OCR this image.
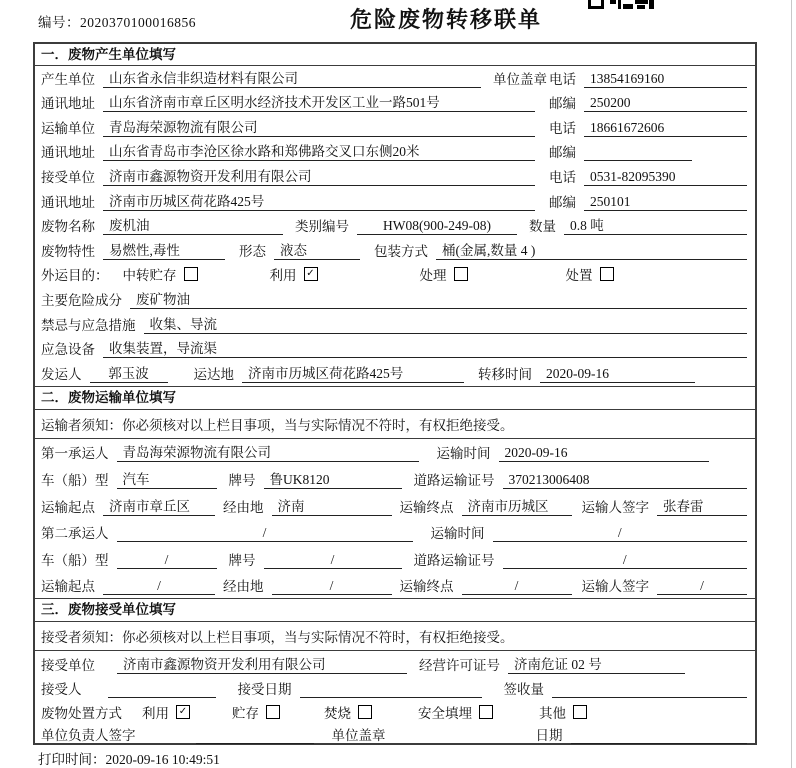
编号：2020370100016856	危险废物转移联单
一．废物产生单位填写
产生单位	山东省永信非织造材料有限公司	单位盖章 电话	13854169160
通讯地址	山东省济南市章丘区明水经济技术开发区工业一路501号	邮编	250200
运输单位	青岛海荣源物流有限公司	电话	18661672606
通讯地址	山东省青岛市李沧区徐水路和郑佛路交叉口东侧20米	邮编
接受单位	济南市鑫源物资开发利用有限公司	电话	0531-82095390
通讯地址	济南市历城区荷花路425号	邮编	250101
废物名称	废机油	类别编号	HW08(900-249-08)	数量	0.8 吨
废物特性	易燃性,毒性	形态	液态	包装方式	桶(金属,数量 4 )
外运目的： 中转贮存	利用 ✓	处理	处置
主要危险成分	废矿物油
禁忌与应急措施	收集、导流
应急设备	收集装置，导流渠
发运人	郭玉波	运达地	济南市历城区荷花路425号	转移时间	2020-09-16
二．废物运输单位填写
运输者须知：你必须核对以上栏目事项，当与实际情况不符时，有权拒绝接受。
第一承运人	青岛海荣源物流有限公司	运输时间	2020-09-16
车（船）型	汽车	牌号	鲁UK8120	道路运输证号	370213006408
运输起点	济南市章丘区	经由地	济南	运输终点	济南市历城区	运输人签字	张春雷
第二承运人	/	运输时间	/
车（船）型	/	牌号	/	道路运输证号	/
运输起点	/	经由地	/	运输终点	/	运输人签字	/
三．废物接受单位填写
接受者须知：你必须核对以上栏目事项，当与实际情况不符时，有权拒绝接受。
接受单位	济南市鑫源物资开发利用有限公司	经营许可证号	济南危证 02 号
接受人	接受日期	签收量
废物处置方式 利用 ✓	贮存	焚烧	安全填埋	其他
单位负责人签字	单位盖章	日期
打印时间：2020-09-16 10:49:51
